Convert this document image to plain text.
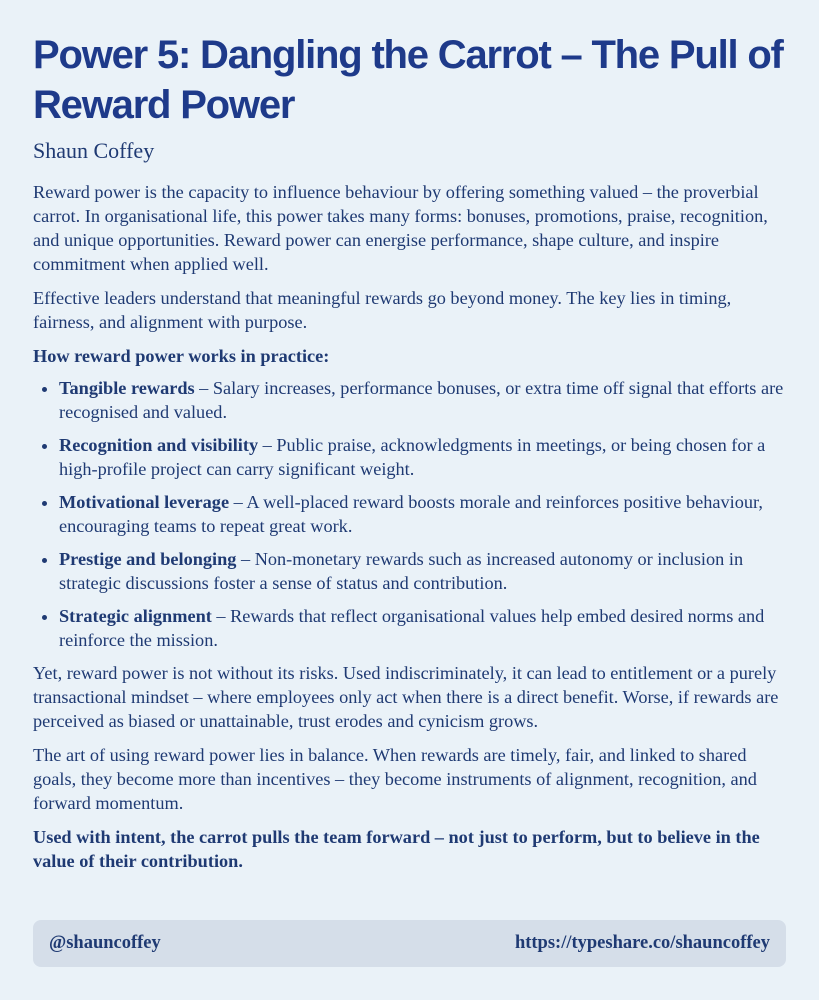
Power 5: Dangling the Carrot – The Pull of Reward Power
Shaun Coffey

Reward power is the capacity to influence behaviour by offering something valued – the proverbial carrot. In organisational life, this power takes many forms: bonuses, promotions, praise, recognition, and unique opportunities. Reward power can energise performance, shape culture, and inspire commitment when applied well.

Effective leaders understand that meaningful rewards go beyond money. The key lies in timing, fairness, and alignment with purpose.

How reward power works in practice:
• Tangible rewards – Salary increases, performance bonuses, or extra time off signal that efforts are recognised and valued.
• Recognition and visibility – Public praise, acknowledgments in meetings, or being chosen for a high-profile project can carry significant weight.
• Motivational leverage – A well-placed reward boosts morale and reinforces positive behaviour, encouraging teams to repeat great work.
• Prestige and belonging – Non-monetary rewards such as increased autonomy or inclusion in strategic discussions foster a sense of status and contribution.
• Strategic alignment – Rewards that reflect organisational values help embed desired norms and reinforce the mission.

Yet, reward power is not without its risks. Used indiscriminately, it can lead to entitlement or a purely transactional mindset – where employees only act when there is a direct benefit. Worse, if rewards are perceived as biased or unattainable, trust erodes and cynicism grows.

The art of using reward power lies in balance. When rewards are timely, fair, and linked to shared goals, they become more than incentives – they become instruments of alignment, recognition, and forward momentum.

Used with intent, the carrot pulls the team forward – not just to perform, but to believe in the value of their contribution.

@shauncoffey	https://typeshare.co/shauncoffey
